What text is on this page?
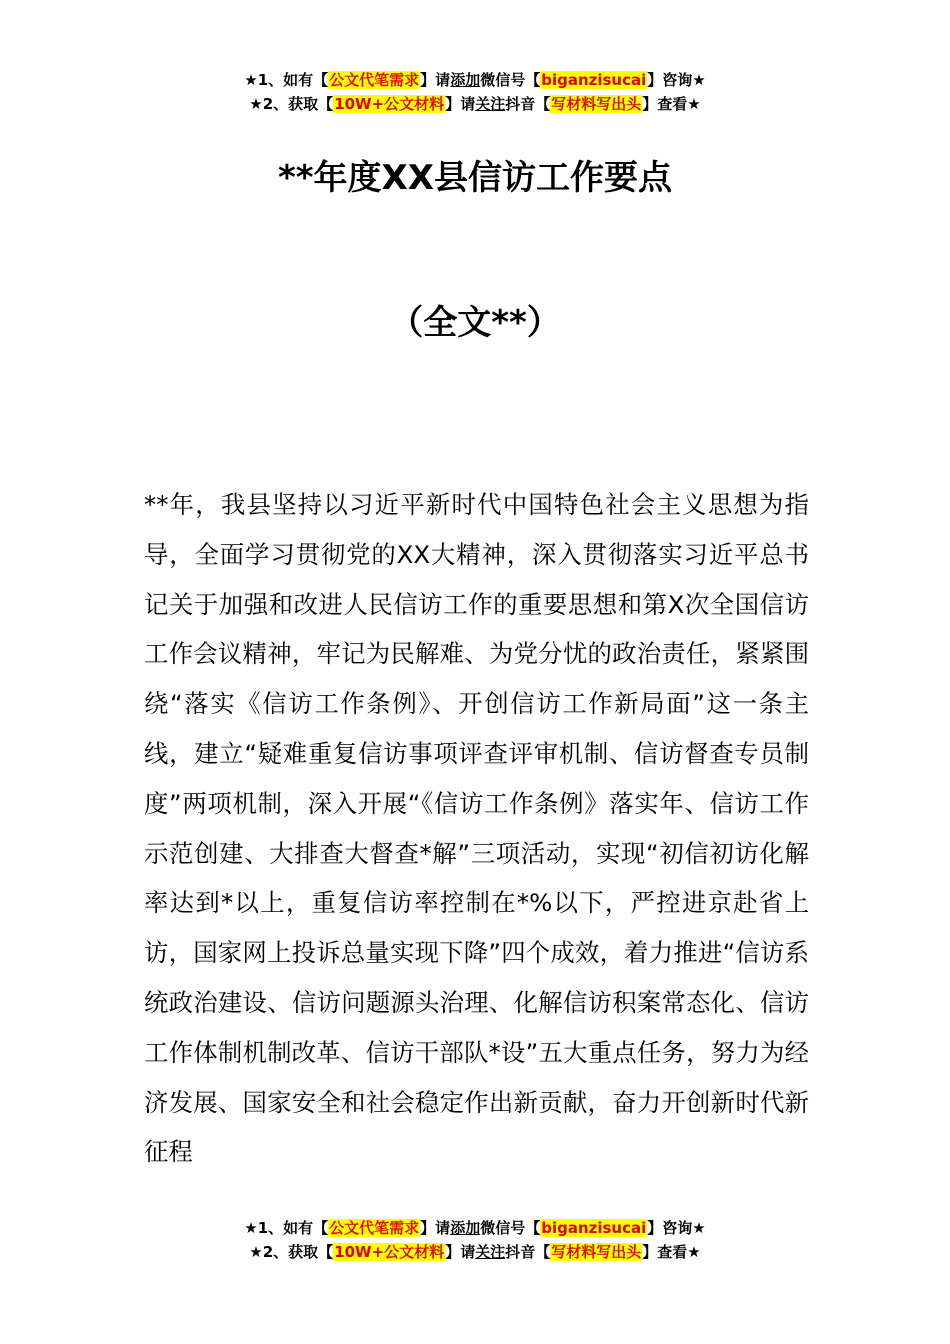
★1、如有【公文代笔需求】请添加微信号【biganzisucai】咨询★
★2、获取【10W+公文材料】请关注抖音【写材料写出头】查看★
**年度XX县信访工作要点
（全文**）

**年，我县坚持以习近平新时代中国特色社会主义思想为指导，全面学习贯彻党的XX大精神，深入贯彻落实习近平总书记关于加强和改进人民信访工作的重要思想和第X次全国信访工作会议精神，牢记为民解难、为党分忧的政治责任，紧紧围绕“落实《信访工作条例》、开创信访工作新局面”这一条主线，建立“疑难重复信访事项评查评审机制、信访督查专员制度”两项机制，深入开展“《信访工作条例》落实年、信访工作示范创建、大排查大督查*解”三项活动，实现“初信初访化解率达到*以上，重复信访率控制在*%以下，严控进京赴省上访，国家网上投诉总量实现下降”四个成效，着力推进“信访系统政治建设、信访问题源头治理、化解信访积案常态化、信访工作体制机制改革、信访干部队*设”五大重点任务，努力为经济发展、国家安全和社会稳定作出新贡献，奋力开创新时代新征程

★1、如有【公文代笔需求】请添加微信号【biganzisucai】咨询★
★2、获取【10W+公文材料】请关注抖音【写材料写出头】查看★
